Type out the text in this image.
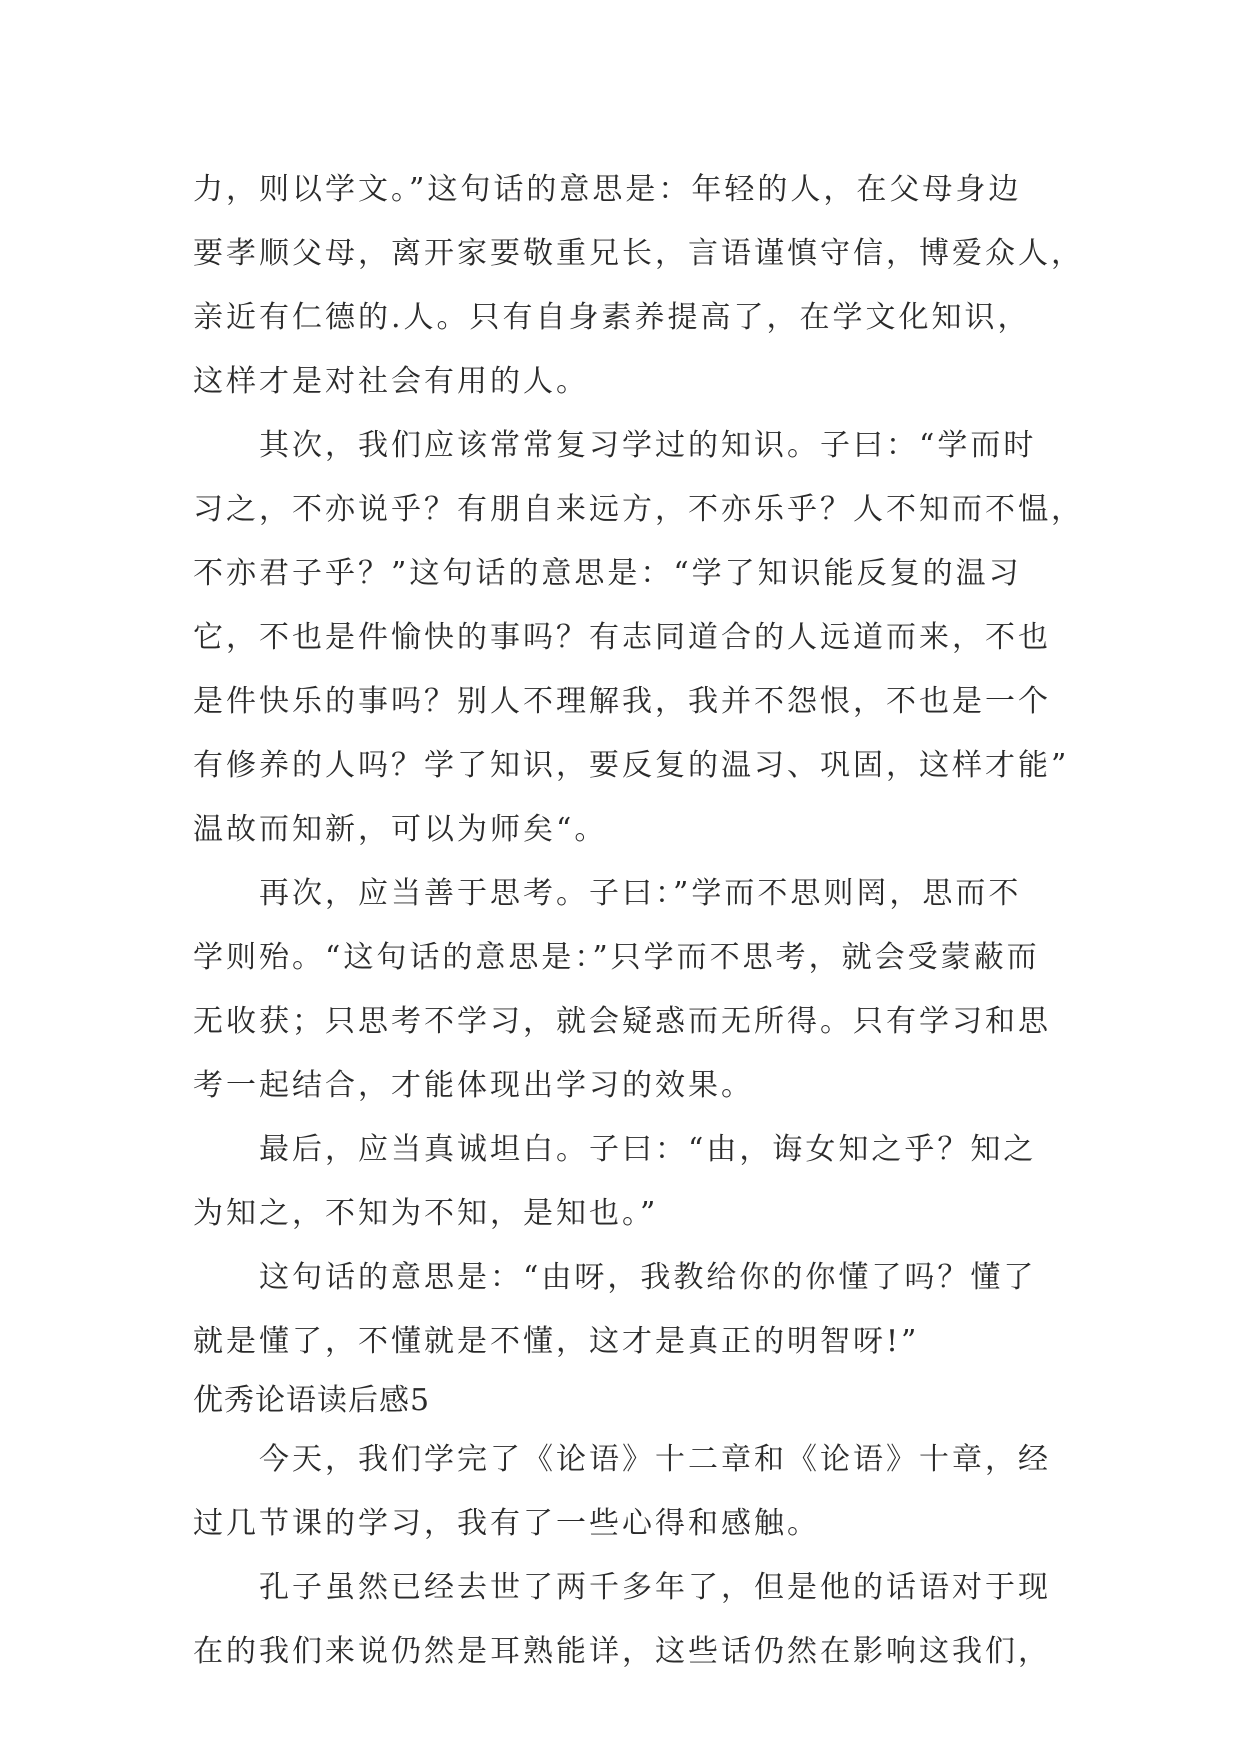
力，则以学文。”这句话的意思是：年轻的人，在父母身边
要孝顺父母，离开家要敬重兄长，言语谨慎守信，博爱众人，
亲近有仁德的.人。只有自身素养提高了，在学文化知识，
这样才是对社会有用的人。
其次，我们应该常常复习学过的知识。子曰：“学而时
习之，不亦说乎？有朋自来远方，不亦乐乎？人不知而不愠，
不亦君子乎？”这句话的意思是：“学了知识能反复的温习
它，不也是件愉快的事吗？有志同道合的人远道而来，不也
是件快乐的事吗？别人不理解我，我并不怨恨，不也是一个
有修养的人吗？学了知识，要反复的温习、巩固，这样才能”
温故而知新，可以为师矣“。
再次，应当善于思考。子曰：”学而不思则罔，思而不
学则殆。“这句话的意思是：”只学而不思考，就会受蒙蔽而
无收获；只思考不学习，就会疑惑而无所得。只有学习和思
考一起结合，才能体现出学习的效果。
最后，应当真诚坦白。子曰：“由，诲女知之乎？知之
为知之，不知为不知，是知也。”
这句话的意思是：“由呀，我教给你的你懂了吗？懂了
就是懂了，不懂就是不懂，这才是真正的明智呀!”
优秀论语读后感5
今天，我们学完了《论语》十二章和《论语》十章，经
过几节课的学习，我有了一些心得和感触。
孔子虽然已经去世了两千多年了，但是他的话语对于现
在的我们来说仍然是耳熟能详，这些话仍然在影响这我们，
